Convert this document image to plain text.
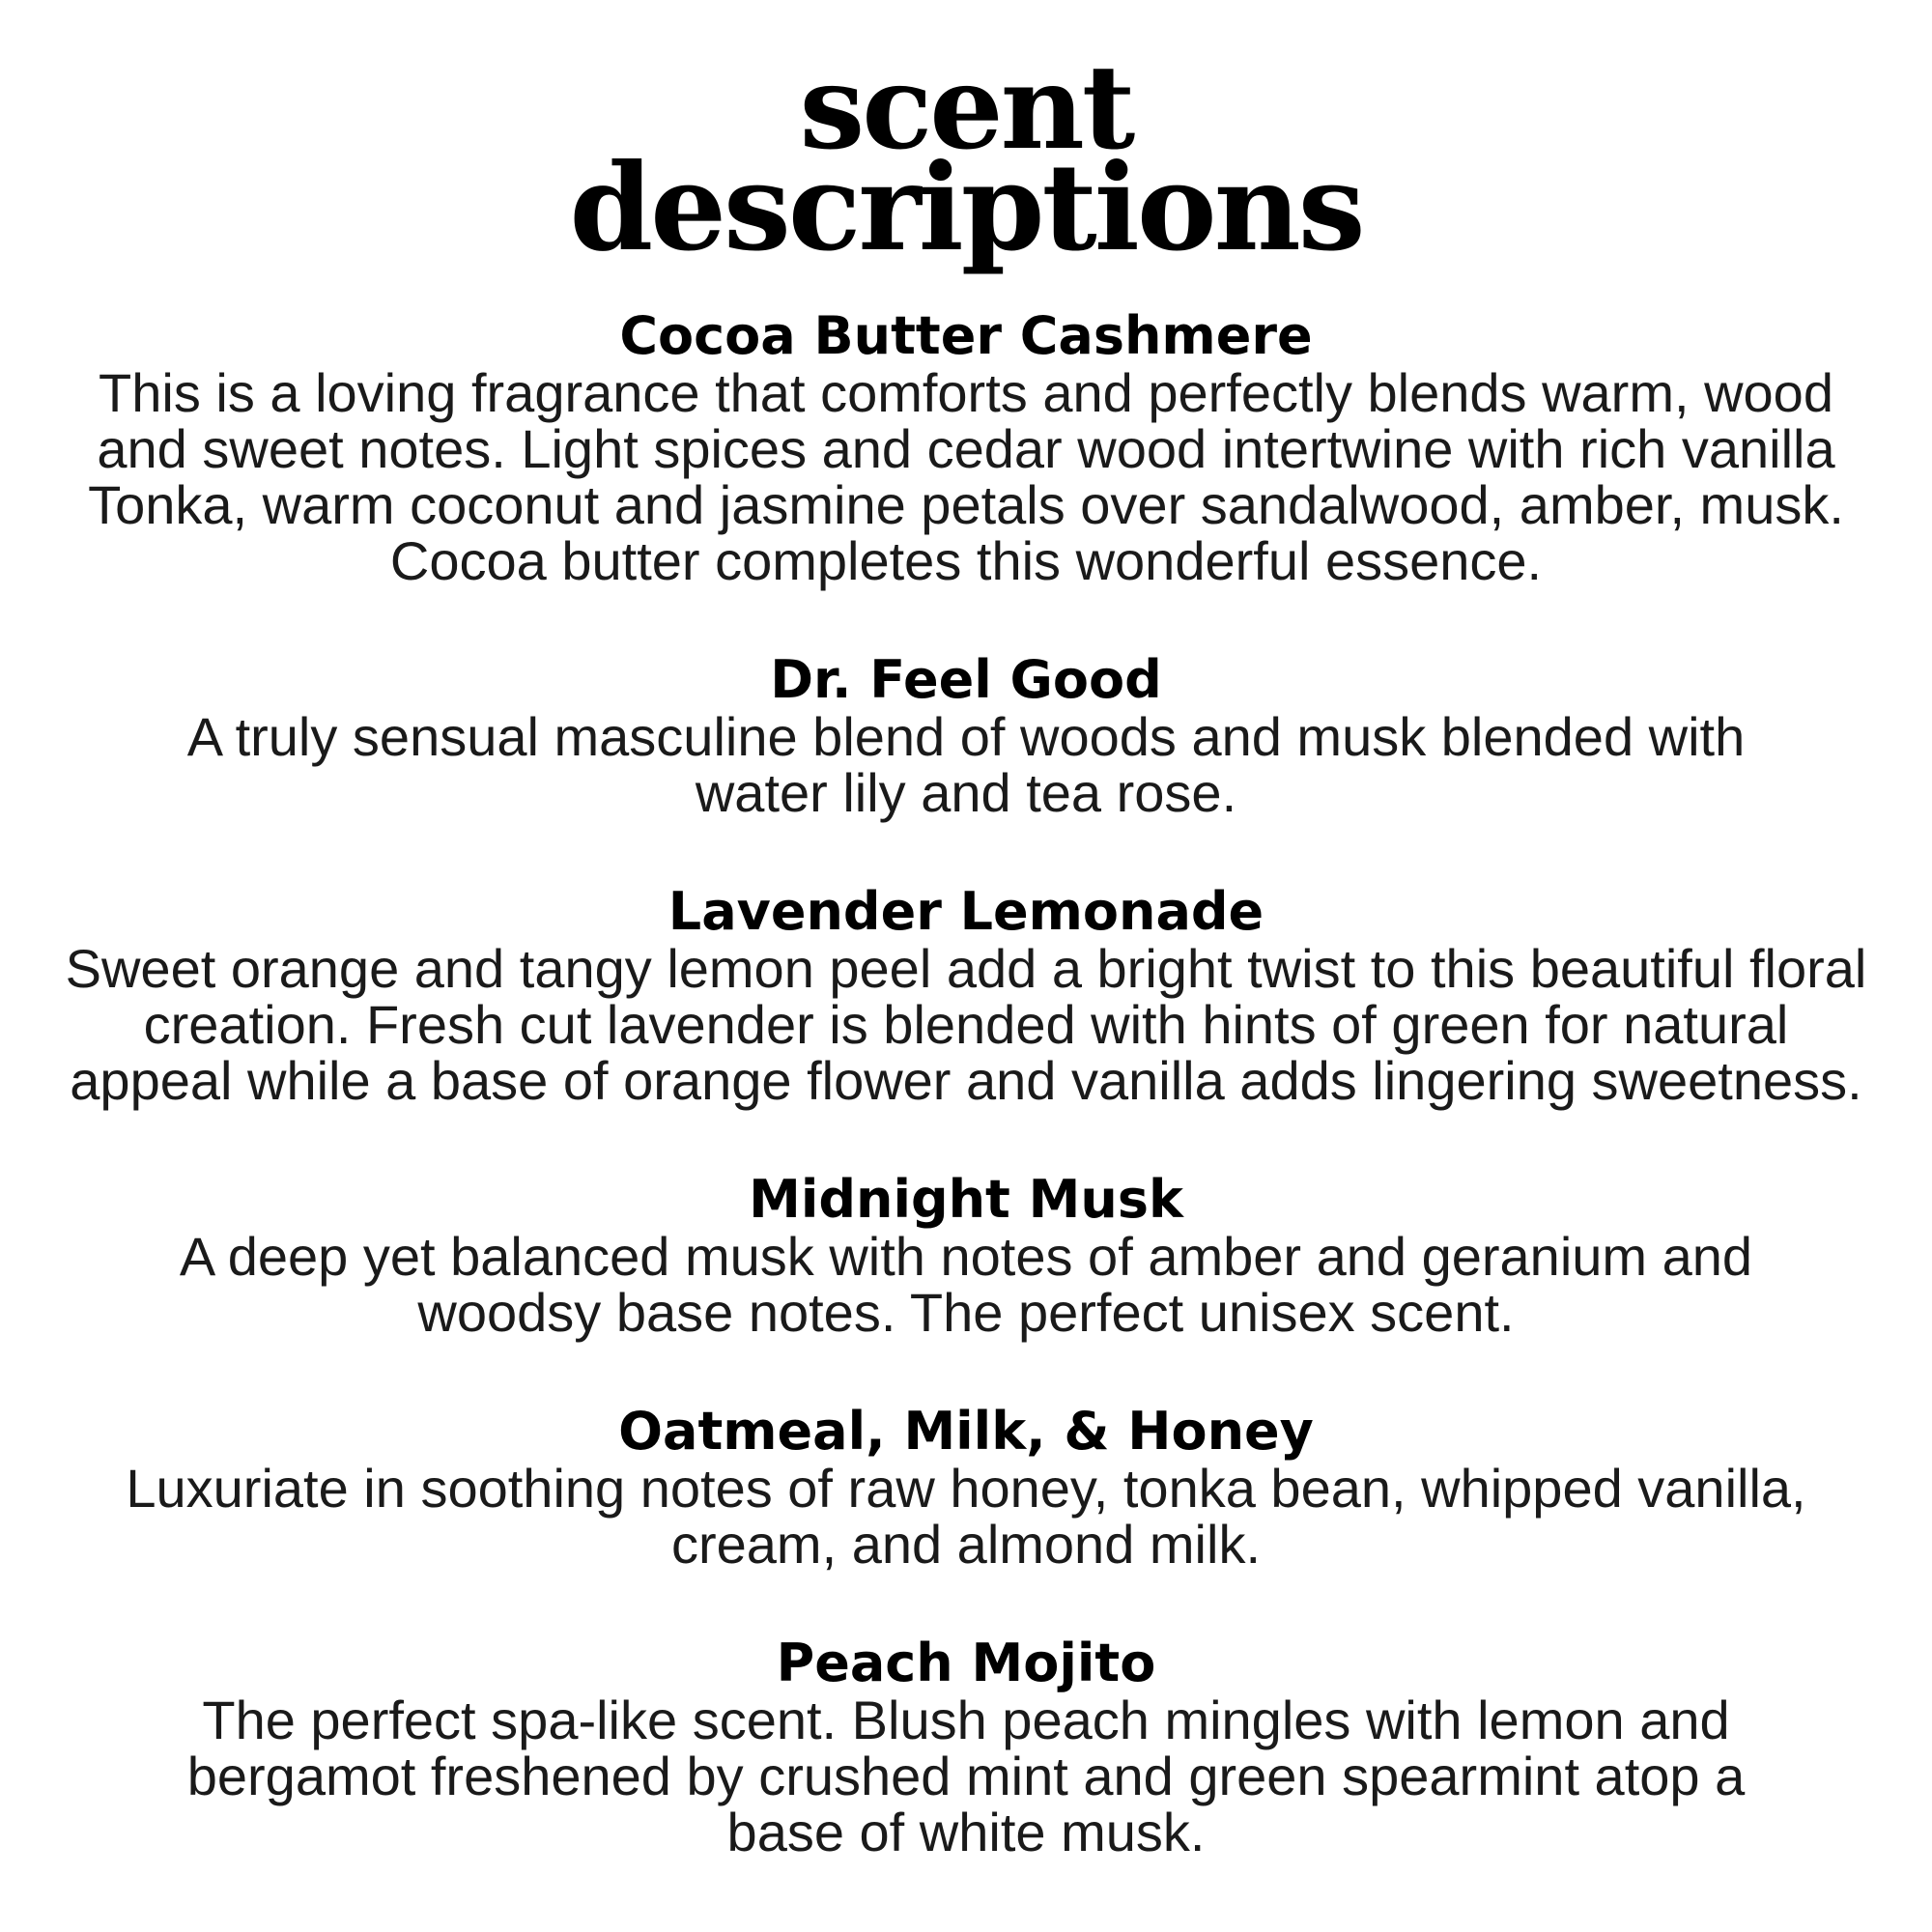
scent
descriptions
Cocoa Butter Cashmere
This is a loving fragrance that comforts and perfectly blends warm, wood and sweet notes. Light spices and cedar wood intertwine with rich vanilla Tonka, warm coconut and jasmine petals over sandalwood, amber, musk. Cocoa butter completes this wonderful essence.
Dr. Feel Good
A truly sensual masculine blend of woods and musk blended with water lily and tea rose.
Lavender Lemonade
Sweet orange and tangy lemon peel add a bright twist to this beautiful floral creation. Fresh cut lavender is blended with hints of green for natural appeal while a base of orange flower and vanilla adds lingering sweetness.
Midnight Musk
A deep yet balanced musk with notes of amber and geranium and woodsy base notes. The perfect unisex scent.
Oatmeal, Milk, & Honey
Luxuriate in soothing notes of raw honey, tonka bean, whipped vanilla, cream, and almond milk.
Peach Mojito
The perfect spa-like scent. Blush peach mingles with lemon and bergamot freshened by crushed mint and green spearmint atop a base of white musk.
